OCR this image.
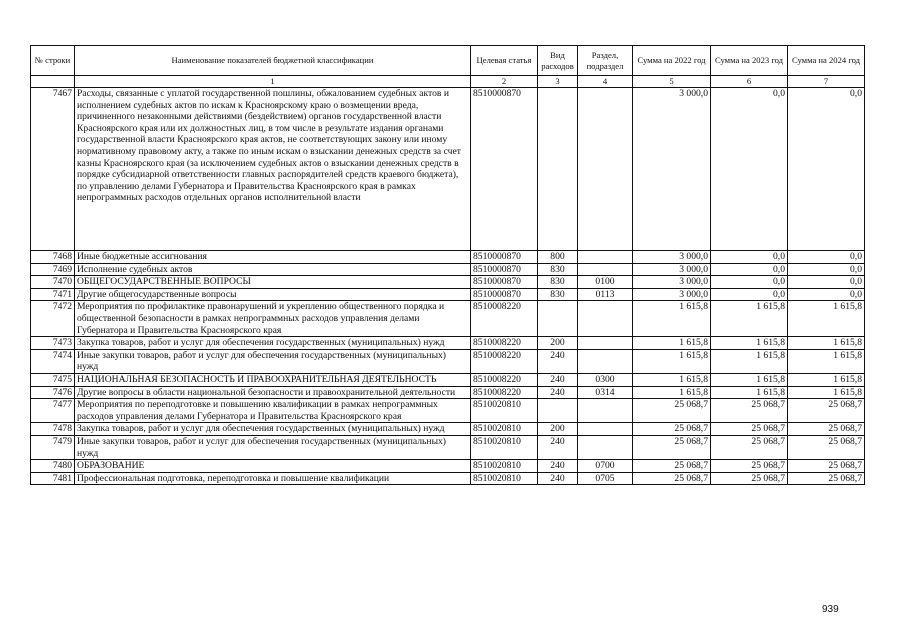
№ строки	Наименование показателей бюджетной классификации	Целевая статья	Вид расходов	Раздел, подраздел	Сумма на 2022 год	Сумма на 2023 год	Сумма на 2024 год
	1	2	3	4	5	6	7
7467	Расходы, связанные с уплатой государственной пошлины, обжалованием судебных актов и исполнением судебных актов по искам к Красноярскому краю о возмещении вреда, причиненного незаконными действиями (бездействием) органов государственной власти Красноярского края или их должностных лиц, в том числе в результате издания органами государственной власти Красноярского края актов, не соответствующих закону или иному нормативному правовому акту, а также по иным искам о взыскании денежных средств за счет казны Красноярского края (за исключением судебных актов о взыскании денежных средств в порядке субсидиарной ответственности главных распорядителей средств краевого бюджета), по управлению делами Губернатора и Правительства Красноярского края в рамках непрограммных расходов отдельных органов исполнительной власти	8510000870			3 000,0	0,0	0,0
7468	Иные бюджетные ассигнования	8510000870	800		3 000,0	0,0	0,0
7469	Исполнение судебных актов	8510000870	830		3 000,0	0,0	0,0
7470	ОБЩЕГОСУДАРСТВЕННЫЕ ВОПРОСЫ	8510000870	830	0100	3 000,0	0,0	0,0
7471	Другие общегосударственные вопросы	8510000870	830	0113	3 000,0	0,0	0,0
7472	Мероприятия по профилактике правонарушений и укреплению общественного порядка и общественной безопасности в рамках непрограммных расходов управления делами Губернатора и Правительства Красноярского края	8510008220			1 615,8	1 615,8	1 615,8
7473	Закупка товаров, работ и услуг для обеспечения государственных (муниципальных) нужд	8510008220	200		1 615,8	1 615,8	1 615,8
7474	Иные закупки товаров, работ и услуг для обеспечения государственных (муниципальных) нужд	8510008220	240		1 615,8	1 615,8	1 615,8
7475	НАЦИОНАЛЬНАЯ БЕЗОПАСНОСТЬ И ПРАВООХРАНИТЕЛЬНАЯ ДЕЯТЕЛЬНОСТЬ	8510008220	240	0300	1 615,8	1 615,8	1 615,8
7476	Другие вопросы в области национальной безопасности и правоохранительной деятельности	8510008220	240	0314	1 615,8	1 615,8	1 615,8
7477	Мероприятия по переподготовке и повышению квалификации в рамках непрограммных расходов управления делами Губернатора и Правительства Красноярского края	8510020810			25 068,7	25 068,7	25 068,7
7478	Закупка товаров, работ и услуг для обеспечения государственных (муниципальных) нужд	8510020810	200		25 068,7	25 068,7	25 068,7
7479	Иные закупки товаров, работ и услуг для обеспечения государственных (муниципальных) нужд	8510020810	240		25 068,7	25 068,7	25 068,7
7480	ОБРАЗОВАНИЕ	8510020810	240	0700	25 068,7	25 068,7	25 068,7
7481	Профессиональная подготовка, переподготовка и повышение квалификации	8510020810	240	0705	25 068,7	25 068,7	25 068,7
939
